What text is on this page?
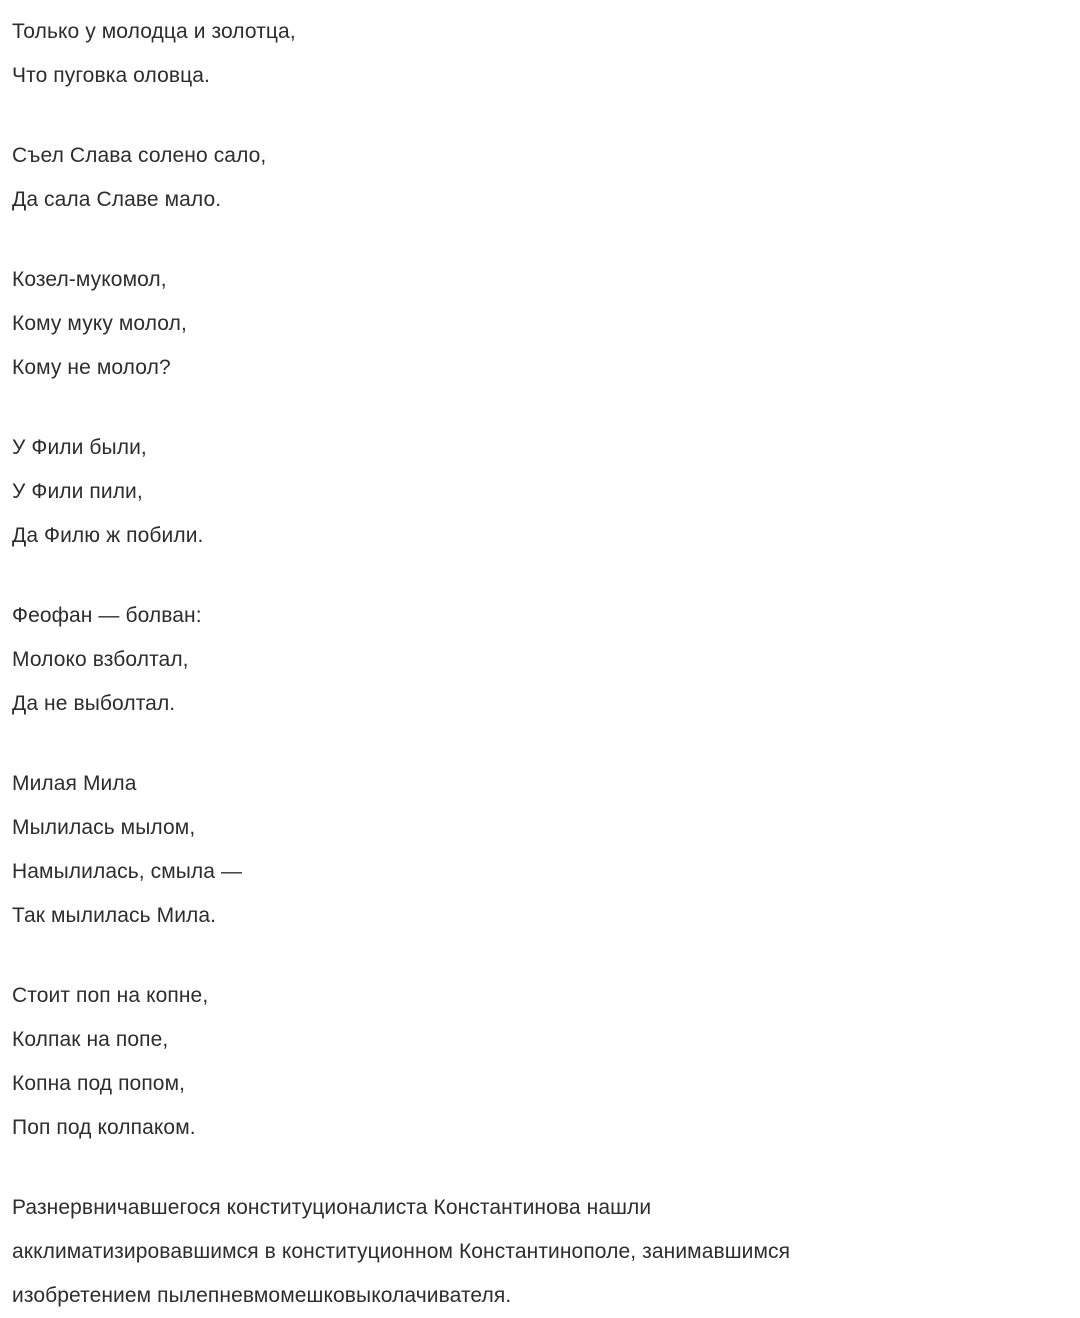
Только у молодца и золотца,
Что пуговка оловца.
Съел Слава солено сало,
Да сала Славе мало.
Козел-мукомол,
Кому муку молол,
Кому не молол?
У Фили были,
У Фили пили,
Да Филю ж побили.
Феофан — болван:
Молоко взболтал,
Да не выболтал.
Милая Мила
Мылилась мылом,
Намылилась, смыла —
Так мылилась Мила.
Стоит поп на копне,
Колпак на попе,
Копна под попом,
Поп под колпаком.
Разнервничавшегося конституционалиста Константинова нашли
акклиматизировавшимся в конституционном Константинополе, занимавшимся
изобретением пылепневмомешковыколачивателя.
